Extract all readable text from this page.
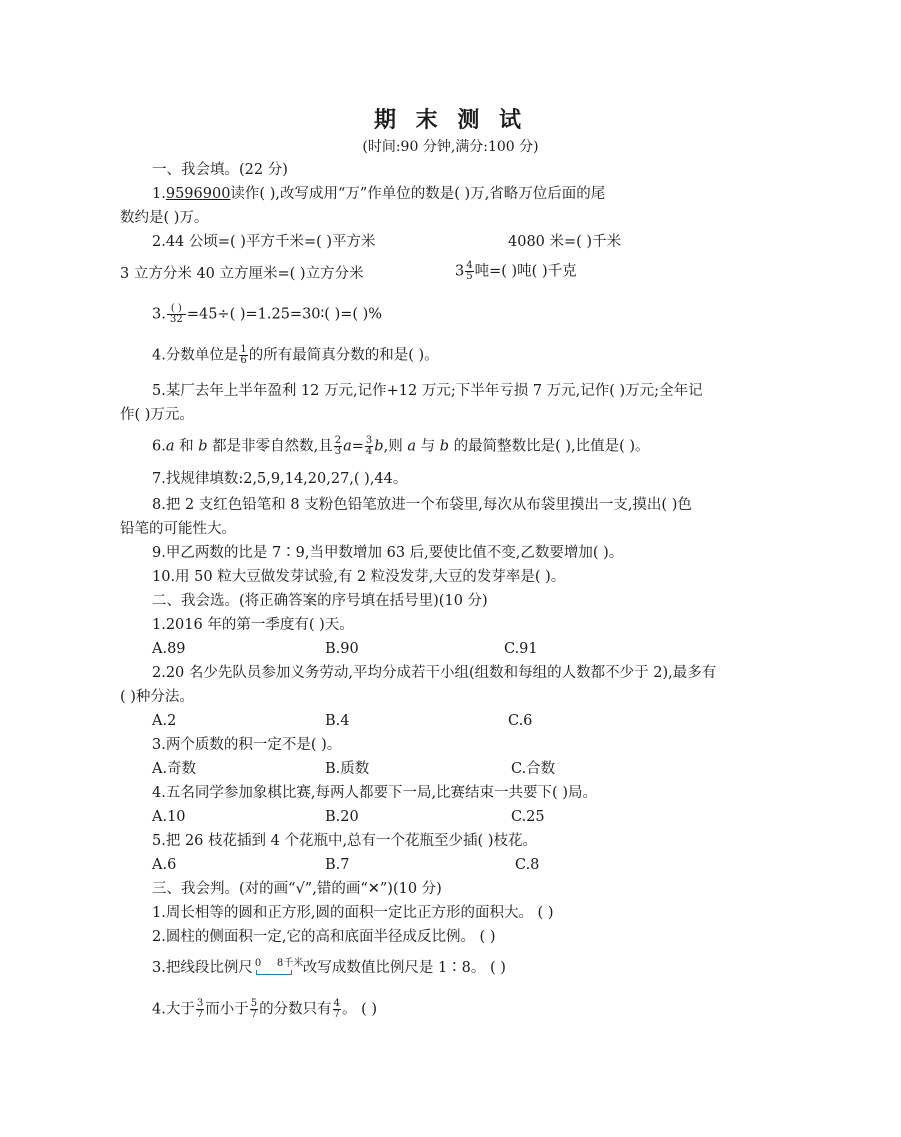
期 末 测 试
(时间:90 分钟,满分:100 分)
一、我会填。(22 分)
1.9596900读作( ),改写成用“万”作单位的数是( )万,省略万位后面的尾
数约是( )万。
2.44 公顷=( )平方千米=( )平方米	4080 米=( )千米
3 立方分米 40 立方厘米=( )立方分米	$3 \frac{4}{5}$ 吨=( )吨( )千克
3. $\frac{( )}{32} =45\div$( )=1.25=30∶( )=( )%
4.分数单位是 $\frac{1}{6}$ 的所有最简真分数的和是( )。
5.某厂去年上半年盈利 12 万元,记作+12 万元;下半年亏损 7 万元,记作( )万元;全年记
作( )万元。
6.a 和 b 都是非零自然数,且 $\frac{2}{3} a= \frac{3}{4} b$,则 a 与 b 的最简整数比是( ),比值是( )。
7.找规律填数:2,5,9,14,20,27,( ),44。
8.把 2 支红色铅笔和 8 支粉色铅笔放进一个布袋里,每次从布袋里摸出一支,摸出( )色
铅笔的可能性大。
9.甲乙两数的比是 7∶9,当甲数增加 63 后,要使比值不变,乙数要增加( )。
10.用 50 粒大豆做发芽试验,有 2 粒没发芽,大豆的发芽率是( )。
二、我会选。(将正确答案的序号填在括号里)(10 分)
1.2016 年的第一季度有( )天。
A.89	B.90	C.91
2.20 名少先队员参加义务劳动,平均分成若干小组(组数和每组的人数都不少于 2),最多有
( )种分法。
A.2	B.4	C.6
3.两个质数的积一定不是( )。
A.奇数	B.质数	C.合数
4.五名同学参加象棋比赛,每两人都要下一局,比赛结束一共要下( )局。
A.10	B.20	C.25
5.把 26 枝花插到 4 个花瓶中,总有一个花瓶至少插( )枝花。
A.6	B.7	C.8
三、我会判。(对的画“√”,错的画“✕”)(10 分)
1.周长相等的圆和正方形,圆的面积一定比正方形的面积大。 ( )
2.圆柱的侧面积一定,它的高和底面半径成反比例。 ( )
3.把线段比例尺 0 8千米 改写成数值比例尺是 1∶8。 ( )
4.大于 $\frac{3}{7}$ 而小于 $\frac{5}{7}$ 的分数只有 $\frac{4}{7}$ 。 ( )
